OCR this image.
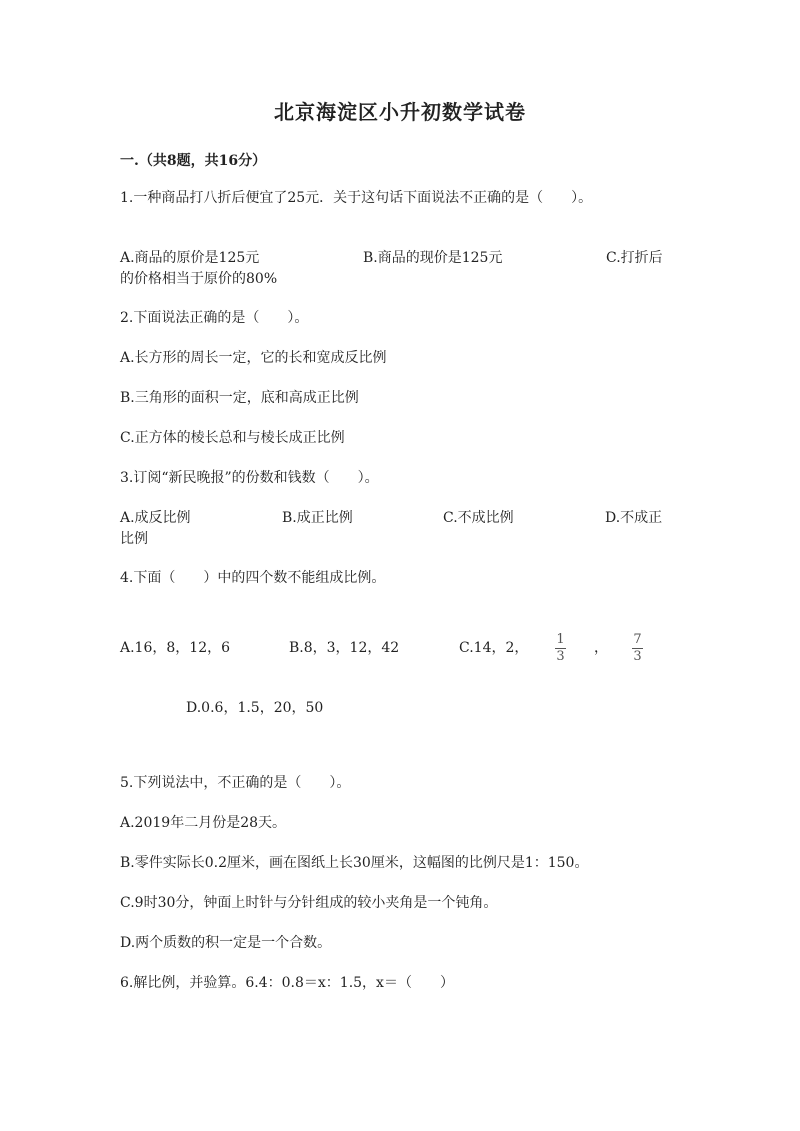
北京海淀区小升初数学试卷
一.（共8题，共16分）
1.一种商品打八折后便宜了25元．关于这句话下面说法不正确的是（　　）。
A.商品的原价是125元	B.商品的现价是125元	C.打折后
的价格相当于原价的80%
2.下面说法正确的是（　　）。
A.长方形的周长一定，它的长和宽成反比例
B.三角形的面积一定，底和高成正比例
C.正方体的棱长总和与棱长成正比例
3.订阅“新民晚报”的份数和钱数（　　）。
A.成反比例	B.成正比例	C.不成比例	D.不成正
比例
4.下面（　　）中的四个数不能组成比例。
A.16，8，12，6	B.8，3，12，42	C.14，2，
1
3
，
7
3
D.0.6，1.5，20，50
5.下列说法中，不正确的是（　　）。
A.2019年二月份是28天。
B.零件实际长0.2厘米，画在图纸上长30厘米，这幅图的比例尺是1：150。
C.9时30分，钟面上时针与分针组成的较小夹角是一个钝角。
D.两个质数的积一定是一个合数。
6.解比例，并验算。6.4：0.8＝x：1.5，x＝（　　）
